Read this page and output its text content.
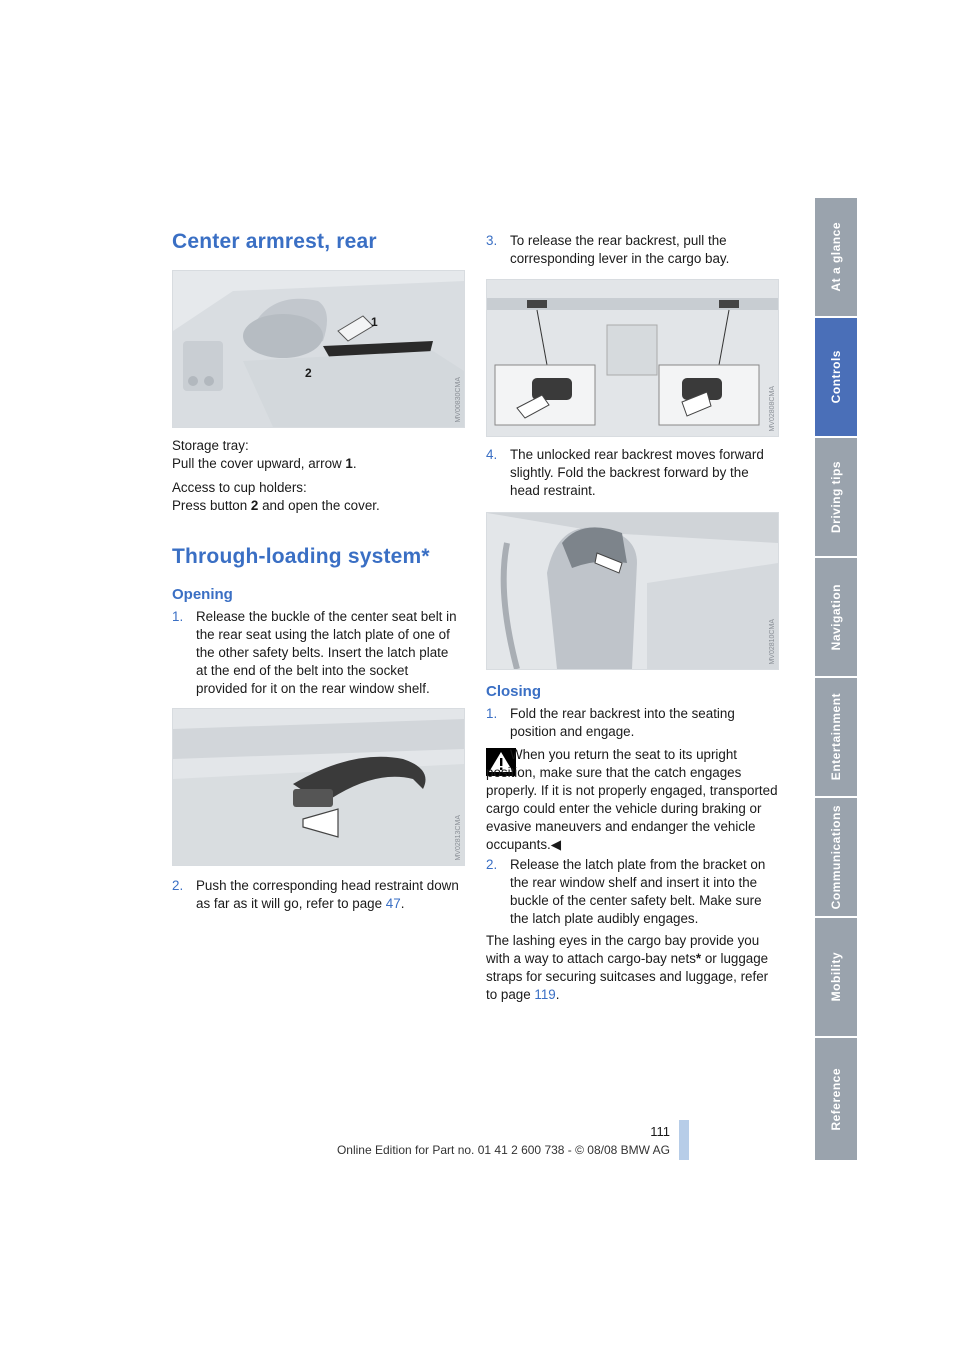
At a glance
Controls
Driving tips
Navigation
Entertainment
Communications
Mobility
Reference
Center armrest, rear
1
2
MV00830CMA

Storage tray:
Pull the cover upward, arrow 1.

Access to cup holders:
Press button 2 and open the cover.

Through-loading system*
Opening
1. Release the buckle of the center seat belt in the rear seat using the latch plate of one of the other safety belts. Insert the latch plate at the end of the belt into the socket provided for it on the rear window shelf.
MV02813CMA
2. Push the corresponding head restraint down as far as it will go, refer to page 47.
3. To release the rear backrest, pull the corresponding lever in the cargo bay.
MV02808CMA
4. The unlocked rear backrest moves forward slightly. Fold the backrest forward by the head restraint.
MV02810CMA
Closing
1. Fold the rear backrest into the seating position and engage.
When you return the seat to its upright position, make sure that the catch engages properly. If it is not properly engaged, transported cargo could enter the vehicle during braking or evasive maneuvers and endanger the vehicle occupants.◀
2. Release the latch plate from the bracket on the rear window shelf and insert it into the buckle of the center safety belt. Make sure the latch plate audibly engages.
The lashing eyes in the cargo bay provide you with a way to attach cargo-bay nets* or luggage straps for securing suitcases and luggage, refer to page 119.
111
Online Edition for Part no. 01 41 2 600 738 - © 08/08 BMW AG
